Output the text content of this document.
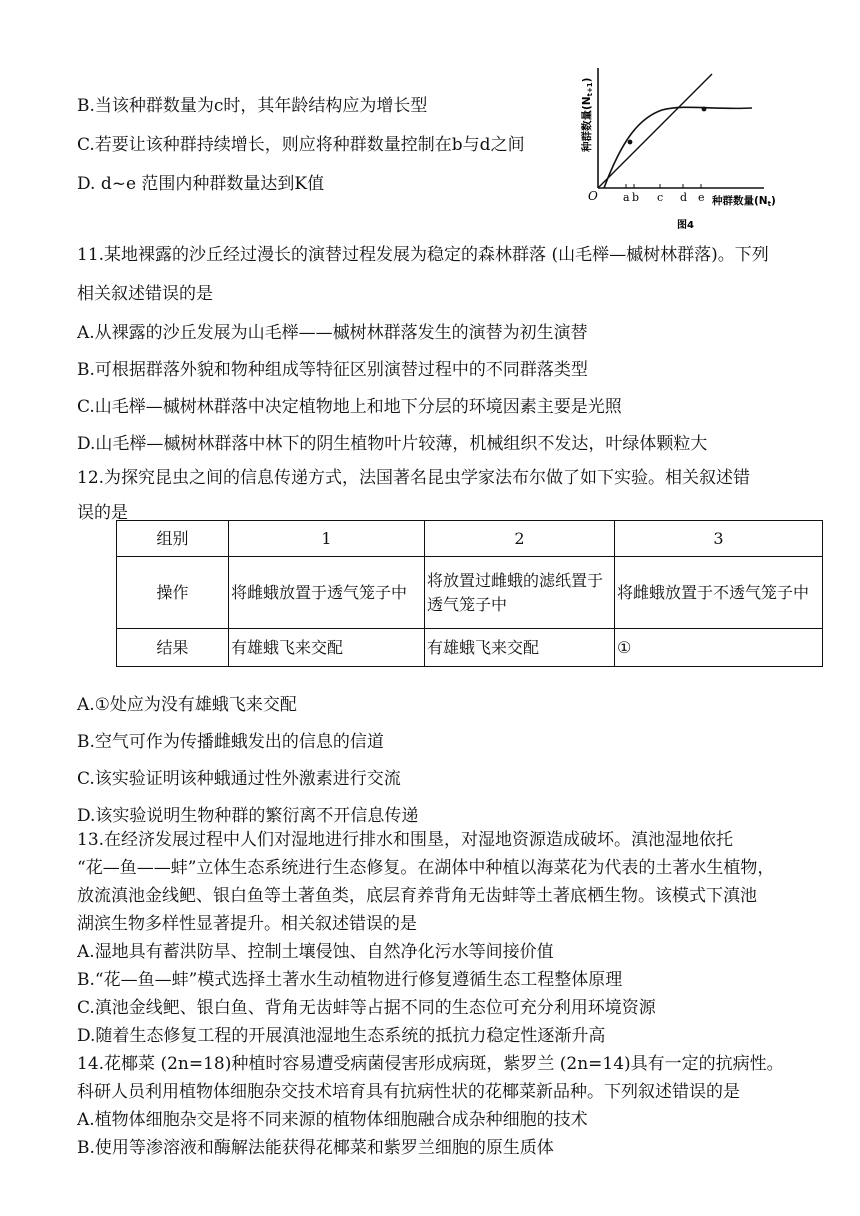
B.当该种群数量为c时，其年龄结构应为增长型
C.若要让该种群持续增长，则应将种群数量控制在b与d之间
D. d~e 范围内种群数量达到K值
11.某地裸露的沙丘经过漫长的演替过程发展为稳定的森林群落 (山毛榉—槭树林群落)。下列
相关叙述错误的是
A.从裸露的沙丘发展为山毛榉——槭树林群落发生的演替为初生演替
B.可根据群落外貌和物种组成等特征区别演替过程中的不同群落类型
C.山毛榉—槭树林群落中决定植物地上和地下分层的环境因素主要是光照
D.山毛榉—槭树林群落中林下的阴生植物叶片较薄，机械组织不发达，叶绿体颗粒大
12.为探究昆虫之间的信息传递方式，法国著名昆虫学家法布尔做了如下实验。相关叙述错
误的是
A.①处应为没有雄蛾飞来交配
B.空气可作为传播雌蛾发出的信息的信道
C.该实验证明该种蛾通过性外激素进行交流
D.该实验说明生物种群的繁衍离不开信息传递
13.在经济发展过程中人们对湿地进行排水和围垦，对湿地资源造成破坏。滇池湿地依托
“花—鱼——蚌”立体生态系统进行生态修复。在湖体中种植以海菜花为代表的土著水生植物，
放流滇池金线鲃、银白鱼等土著鱼类，底层育养背角无齿蚌等土著底栖生物。该模式下滇池
湖滨生物多样性显著提升。相关叙述错误的是
A.湿地具有蓄洪防旱、控制土壤侵蚀、自然净化污水等间接价值
B.“花—鱼—蚌”模式选择土著水生动植物进行修复遵循生态工程整体原理
C.滇池金线鲃、银白鱼、背角无齿蚌等占据不同的生态位可充分利用环境资源
D.随着生态修复工程的开展滇池湿地生态系统的抵抗力稳定性逐渐升高
14.花椰菜 (2n=18)种植时容易遭受病菌侵害形成病斑，紫罗兰 (2n=14)具有一定的抗病性。
科研人员利用植物体细胞杂交技术培育具有抗病性状的花椰菜新品种。下列叙述错误的是
A.植物体细胞杂交是将不同来源的植物体细胞融合成杂种细胞的技术
B.使用等渗溶液和酶解法能获得花椰菜和紫罗兰细胞的原生质体
O a b c d e 种群数量(Nt)
种群数量(Nt+1)
图4
组别	1	2	3
操作	将雌蛾放置于透气笼子中	将放置过雌蛾的滤纸置于透气笼子中	将雌蛾放置于不透气笼子中
结果	有雄蛾飞来交配	有雄蛾飞来交配	①
